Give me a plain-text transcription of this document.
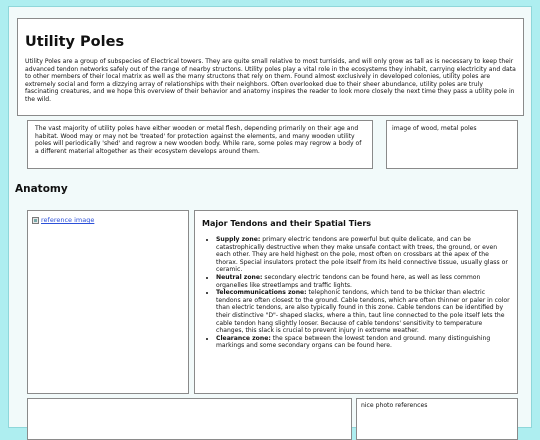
Utility Poles

Utility Poles are a group of subspecies of Electrical towers. They are quite small relative to most turrisids, and will only grow as tall as is necessary to keep their advanced tendon networks safely out of the range of nearby structons. Utility poles play a vital role in the ecosystems they inhabit, carrying electricity and data to other members of their local matrix as well as the many structons that rely on them. Found almost exclusively in developed colonies, utility poles are extremely social and form a dizzying array of relationships with their neighbors. Often overlooked due to their sheer abundance, utility poles are truly fascinating creatures, and we hope this overview of their behavior and anatomy inspires the reader to look more closely the next time they pass a utility pole in the wild.

The vast majority of utility poles have either wooden or metal flesh, depending primarily on their age and habitat. Wood may or may not be 'treated' for protection against the elements, and many wooden utility poles will periodically 'shed' and regrow a new wooden body. While rare, some poles may regrow a body of a different material altogether as their ecosystem develops around them.

image of wood, metal poles

Anatomy
reference image	Major Tendons and their Spatial Tiers
• Supply zone: primary electric tendons are powerful but quite delicate, and can be catastrophically destructive when they make unsafe contact with trees, the ground, or even each other. They are held highest on the pole, most often on crossbars at the apex of the thorax. Special insulators protect the pole itself from its held connective tissue, usually glass or ceramic.
• Neutral zone: secondary electric tendons can be found here, as well as less common organelles like streetlamps and traffic lights.
• Telecommunications zone: telephonic tendons, which tend to be thicker than electric tendons are often closest to the ground. Cable tendons, which are often thinner or paler in color than electric tendons, are also typically found in this zone. Cable tendons can be identified by their distinctive "D"- shaped slacks, where a thin, taut line connected to the pole itself lets the cable tendon hang slightly looser. Because of cable tendons' sensitivity to temperature changes, this slack is crucial to prevent injury in extreme weather.
• Clearance zone: the space between the lowest tendon and ground. many distinguishing markings and some secondary organs can be found here.

nice photo references
